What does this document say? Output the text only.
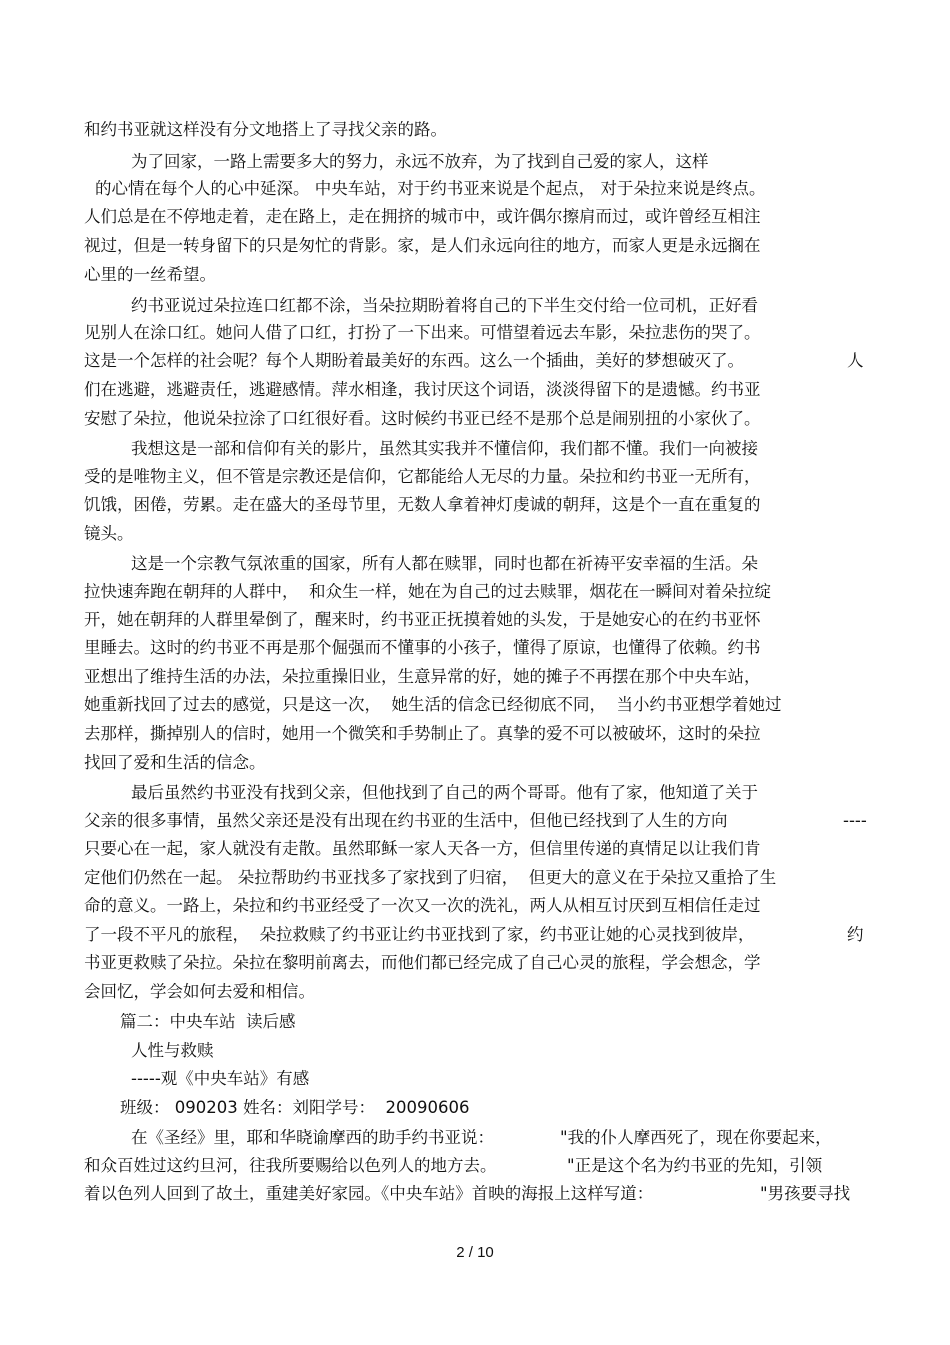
和约书亚就这样没有分文地搭上了寻找父亲的路。
为了回家，一路上需要多大的努力，永远不放弃，为了找到自己爱的家人，这样
的心情在每个人的心中延深。 中央车站，对于约书亚来说是个起点， 对于朵拉来说是终点。
人们总是在不停地走着，走在路上，走在拥挤的城市中，或许偶尔擦肩而过，或许曾经互相注
视过，但是一转身留下的只是匆忙的背影。家，是人们永远向往的地方，而家人更是永远搁在
心里的一丝希望。
约书亚说过朵拉连口红都不涂，当朵拉期盼着将自己的下半生交付给一位司机，正好看
见别人在涂口红。她问人借了口红，打扮了一下出来。可惜望着远去车影，朵拉悲伤的哭了。
这是一个怎样的社会呢？每个人期盼着最美好的东西。这么一个插曲，美好的梦想破灭了。	人
们在逃避，逃避责任，逃避感情。萍水相逢，我讨厌这个词语，淡淡得留下的是遗憾。约书亚
安慰了朵拉，他说朵拉涂了口红很好看。这时候约书亚已经不是那个总是闹别扭的小家伙了。
我想这是一部和信仰有关的影片，虽然其实我并不懂信仰，我们都不懂。我们一向被接
受的是唯物主义，但不管是宗教还是信仰，它都能给人无尽的力量。朵拉和约书亚一无所有，
饥饿，困倦，劳累。走在盛大的圣母节里，无数人拿着神灯虔诚的朝拜，这是个一直在重复的
镜头。
这是一个宗教气氛浓重的国家，所有人都在赎罪，同时也都在祈祷平安幸福的生活。朵
拉快速奔跑在朝拜的人群中，  和众生一样，她在为自己的过去赎罪，烟花在一瞬间对着朵拉绽
开，她在朝拜的人群里晕倒了，醒来时，约书亚正抚摸着她的头发，于是她安心的在约书亚怀
里睡去。这时的约书亚不再是那个倔强而不懂事的小孩子，懂得了原谅，也懂得了依赖。约书
亚想出了维持生活的办法，朵拉重操旧业，生意异常的好，她的摊子不再摆在那个中央车站，
她重新找回了过去的感觉，只是这一次，  她生活的信念已经彻底不同，  当小约书亚想学着她过
去那样，撕掉别人的信时，她用一个微笑和手势制止了。真挚的爱不可以被破坏，这时的朵拉
找回了爱和生活的信念。
最后虽然约书亚没有找到父亲，但他找到了自己的两个哥哥。他有了家，他知道了关于
父亲的很多事情，虽然父亲还是没有出现在约书亚的生活中，但他已经找到了人生的方向	----
只要心在一起，家人就没有走散。虽然耶稣一家人天各一方，但信里传递的真情足以让我们肯
定他们仍然在一起。 朵拉帮助约书亚找多了家找到了归宿，  但更大的意义在于朵拉又重拾了生
命的意义。一路上，朵拉和约书亚经受了一次又一次的洗礼，两人从相互讨厌到互相信任走过
了一段不平凡的旅程，  朵拉救赎了约书亚让约书亚找到了家，约书亚让她的心灵找到彼岸，	约
书亚更救赎了朵拉。朵拉在黎明前离去，而他们都已经完成了自己心灵的旅程，学会想念，学
会回忆，学会如何去爱和相信。
篇二：中央车站  读后感
人性与救赎
-----观《中央车站》有感
班级： 090203 姓名：刘阳学号：  20090606
在《圣经》里，耶和华晓谕摩西的助手约书亚说：	"我的仆人摩西死了，现在你要起来，
和众百姓过这约旦河，往我所要赐给以色列人的地方去。	"正是这个名为约书亚的先知，引领
着以色列人回到了故土，重建美好家园。《中央车站》首映的海报上这样写道：	"男孩要寻找
2 / 10
